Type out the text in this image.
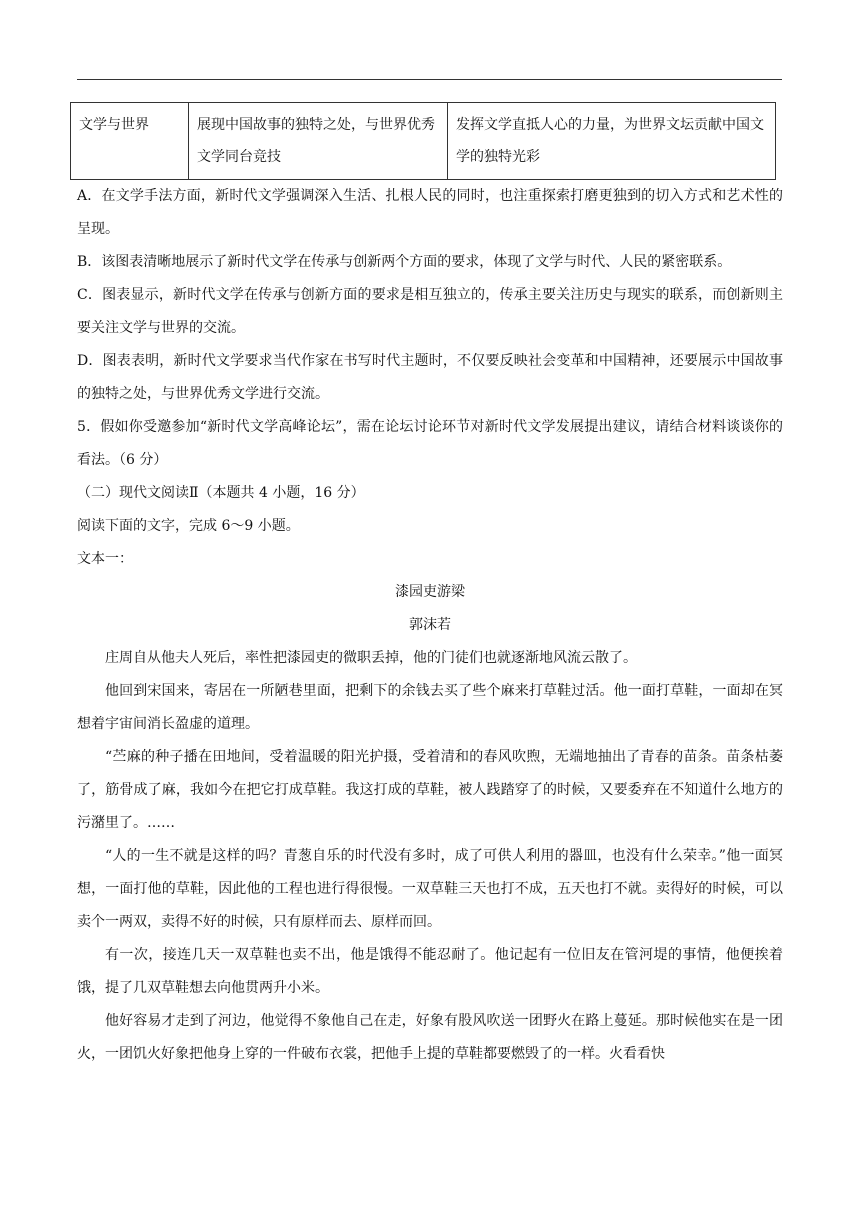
文学与世界	展现中国故事的独特之处，与世界优秀文学同台竞技	发挥文学直抵人心的力量，为世界文坛贡献中国文学的独特光彩

A．在文学手法方面，新时代文学强调深入生活、扎根人民的同时，也注重探索打磨更独到的切入方式和艺术性的呈现。

B．该图表清晰地展示了新时代文学在传承与创新两个方面的要求，体现了文学与时代、人民的紧密联系。

C．图表显示，新时代文学在传承与创新方面的要求是相互独立的，传承主要关注历史与现实的联系，而创新则主要关注文学与世界的交流。

D．图表表明，新时代文学要求当代作家在书写时代主题时，不仅要反映社会变革和中国精神，还要展示中国故事的独特之处，与世界优秀文学进行交流。

5．假如你受邀参加“新时代文学高峰论坛”，需在论坛讨论环节对新时代文学发展提出建议，请结合材料谈谈你的看法。（6 分）

（二）现代文阅读Ⅱ（本题共 4 小题，16 分）

阅读下面的文字，完成 6～9 小题。

文本一：

漆园吏游梁

郭沫若

庄周自从他夫人死后，率性把漆园吏的微职丢掉，他的门徒们也就逐渐地风流云散了。

他回到宋国来，寄居在一所陋巷里面，把剩下的余钱去买了些个麻来打草鞋过活。他一面打草鞋，一面却在冥想着宇宙间消长盈虚的道理。

“苎麻的种子播在田地间，受着温暖的阳光护摄，受着清和的春风吹煦，无端地抽出了青春的苗条。苗条枯萎了，筋骨成了麻，我如今在把它打成草鞋。我这打成的草鞋，被人践踏穿了的时候，又要委弃在不知道什么地方的污潴里了。……

“人的一生不就是这样的吗？青葱自乐的时代没有多时，成了可供人利用的器皿，也没有什么荣幸。”他一面冥想，一面打他的草鞋，因此他的工程也进行得很慢。一双草鞋三天也打不成，五天也打不就。卖得好的时候，可以卖个一两双，卖得不好的时候，只有原样而去、原样而回。

有一次，接连几天一双草鞋也卖不出，他是饿得不能忍耐了。他记起有一位旧友在管河堤的事情，他便挨着饿，提了几双草鞋想去向他贯两升小米。

他好容易才走到了河边，他觉得不象他自己在走，好象有股风吹送一团野火在路上蔓延。那时候他实在是一团火，一团饥火好象把他身上穿的一件破布衣裳，把他手上提的草鞋都要燃毁了的一样。火看看快
